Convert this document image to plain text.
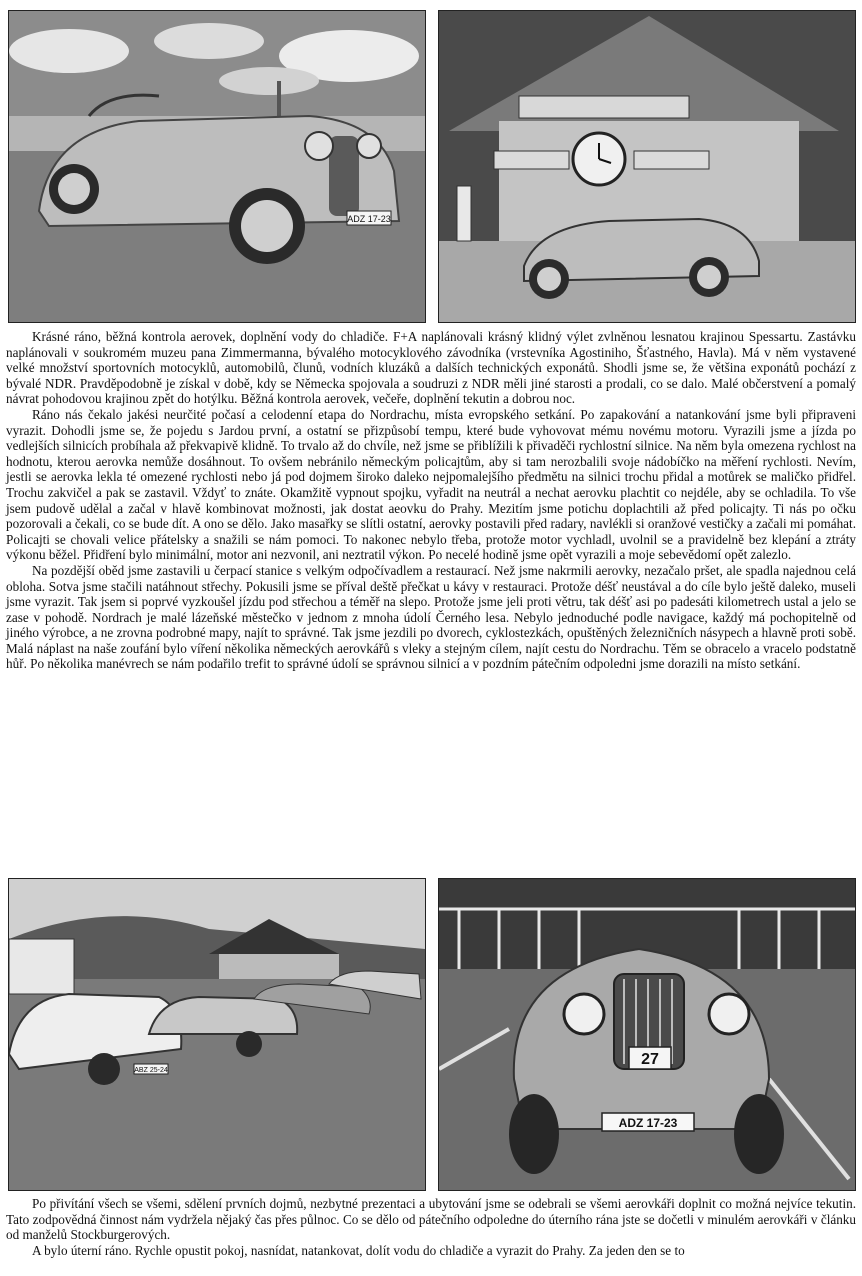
ADZ 17-23

Krásné ráno, běžná kontrola aerovek, doplnění vody do chladiče. F+A naplánovali krásný klidný výlet zvlněnou lesnatou krajinou Spessartu. Zastávku naplánovali v soukromém muzeu pana Zimmermanna, bývalého motocyklového závodníka (vrstevníka Agostiniho, Šťastného, Havla). Má v něm vystavené velké množství sportovních motocyklů, automobilů, člunů, vodních kluzáků a dalších technických exponátů. Shodli jsme se, že většina exponátů pochází z bývalé NDR. Pravděpodobně je získal v době, kdy se Německa spojovala a soudruzi z NDR měli jiné starosti a prodali, co se dalo. Malé občerstvení a pomalý návrat pohodovou krajinou zpět do hotýlku. Běžná kontrola aerovek, večeře, doplnění tekutin a dobrou noc.

Ráno nás čekalo jakési neurčité počasí a celodenní etapa do Nordrachu, místa evropského setkání. Po zapakování a natankování jsme byli připraveni vyrazit. Dohodli jsme se, že pojedu s Jardou první, a ostatní se přizpůsobí tempu, které bude vyhovovat mému novému motoru. Vyrazili jsme a jízda po vedlejších silnicích probíhala až překvapivě klidně. To trvalo až do chvíle, než jsme se přiblížili k přivaděči rychlostní silnice. Na něm byla omezena rychlost na hodnotu, kterou aerovka nemůže dosáhnout. To ovšem nebránilo německým policajtům, aby si tam nerozbalili svoje nádobíčko na měření rychlosti. Nevím, jestli se aerovka lekla té omezené rychlosti nebo já pod dojmem široko daleko nejpomalejšího předmětu na silnici trochu přidal a motůrek se maličko přidřel. Trochu zakvičel a pak se zastavil. Vždyť to znáte. Okamžitě vypnout spojku, vyřadit na neutrál a nechat aerovku plachtit co nejdéle, aby se ochladila. To vše jsem pudově udělal a začal v hlavě kombinovat možnosti, jak dostat aeovku do Prahy. Mezitím jsme potichu doplachtili až před policajty. Ti nás po očku pozorovali a čekali, co se bude dít. A ono se dělo. Jako masařky se slítli ostatní, aerovky postavili před radary, navlékli si oranžové vestičky a začali mi pomáhat. Policajti se chovali velice přátelsky a snažili se nám pomoci. To nakonec nebylo třeba, protože motor vychladl, uvolnil se a pravidelně bez klepání a ztráty výkonu běžel. Přidření bylo minimální, motor ani nezvonil, ani neztratil výkon. Po necelé hodině jsme opět vyrazili a moje sebevědomí opět zalezlo.

Na pozdější oběd jsme zastavili u čerpací stanice s velkým odpočívadlem a restaurací. Než jsme nakrmili aerovky, nezačalo pršet, ale spadla najednou celá obloha. Sotva jsme stačili natáhnout střechy. Pokusili jsme se příval deště přečkat u kávy v restauraci. Protože déšť neustával a do cíle bylo ještě daleko, museli jsme vyrazit. Tak jsem si poprvé vyzkoušel jízdu pod střechou a téměř na slepo. Protože jsme jeli proti větru, tak déšť asi po padesáti kilometrech ustal a jelo se zase v pohodě. Nordrach je malé lázeňské městečko v jednom z mnoha údolí Černého lesa. Nebylo jednoduché podle navigace, každý má pochopitelně od jiného výrobce, a ne zrovna podrobné mapy, najít to správné. Tak jsme jezdili po dvorech, cyklostezkách, opuštěných železničních násypech a hlavně proti sobě. Malá náplast na naše zoufání bylo víření několika německých aerovkářů s vleky a stejným cílem, najít cestu do Nordrachu. Těm se obracelo a vracelo podstatně hůř. Po několika manévrech se nám podařilo trefit to správné údolí se správnou silnicí a v pozdním pátečním odpoledni jsme dorazili na místo setkání.

ABZ 25-24
27
ADZ 17-23

Po přivítání všech se všemi, sdělení prvních dojmů, nezbytné prezentaci a ubytování jsme se odebrali se všemi aerovkáři doplnit co možná nejvíce tekutin. Tato zodpovědná činnost nám vydržela nějaký čas přes půlnoc. Co se dělo od pátečního odpoledne do úterního rána jste se dočetli v minulém aerovkáři v článku od manželů Stockburgerových.

A bylo úterní ráno. Rychle opustit pokoj, nasnídat, natankovat, dolít vodu do chladiče a vyrazit do Prahy. Za jeden den se to
